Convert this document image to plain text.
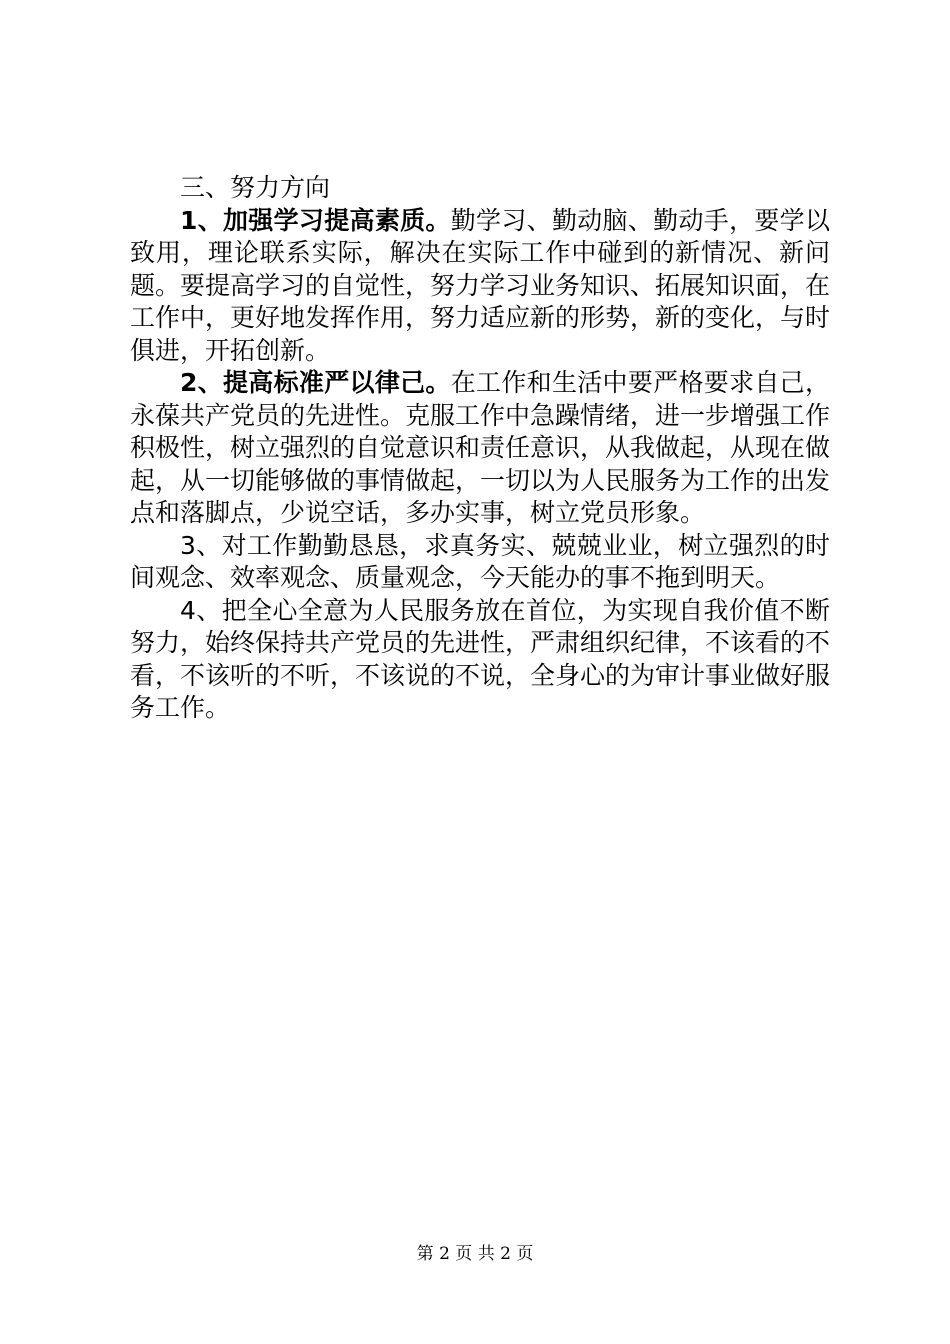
三、努力方向

1、加强学习提高素质。勤学习、勤动脑、勤动手，要学以致用，理论联系实际，解决在实际工作中碰到的新情况、新问题。要提高学习的自觉性，努力学习业务知识、拓展知识面，在工作中，更好地发挥作用，努力适应新的形势，新的变化，与时俱进，开拓创新。

2、提高标准严以律己。在工作和生活中要严格要求自己，永葆共产党员的先进性。克服工作中急躁情绪，进一步增强工作积极性，树立强烈的自觉意识和责任意识，从我做起，从现在做起，从一切能够做的事情做起，一切以为人民服务为工作的出发点和落脚点，少说空话，多办实事，树立党员形象。

3、对工作勤勤恳恳，求真务实、兢兢业业，树立强烈的时间观念、效率观念、质量观念，今天能办的事不拖到明天。

4、把全心全意为人民服务放在首位，为实现自我价值不断努力，始终保持共产党员的先进性，严肃组织纪律，不该看的不看，不该听的不听，不该说的不说，全身心的为审计事业做好服务工作。

第 2 页 共 2 页
